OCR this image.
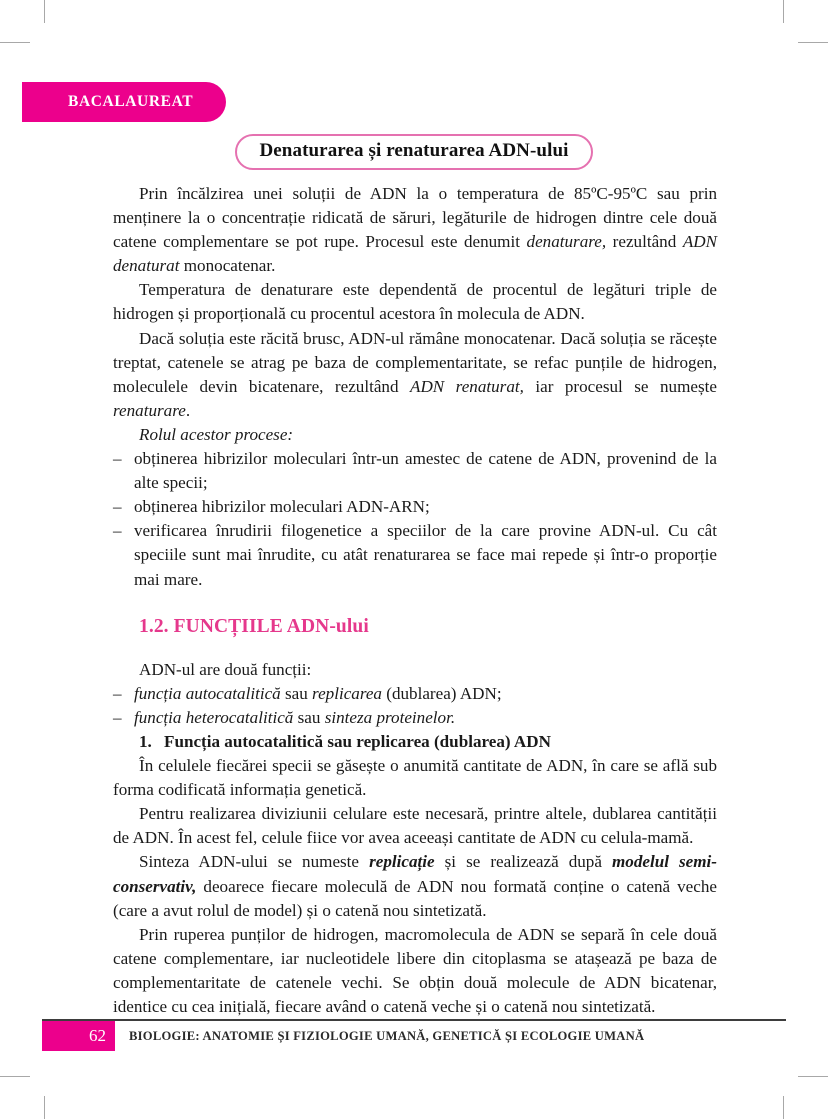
BACALAUREAT
Denaturarea și renaturarea ADN-ului

Prin încălzirea unei soluții de ADN la o temperatura de 85ºC-95ºC sau prin menținere la o concentrație ridicată de săruri, legăturile de hidrogen dintre cele două catene complementare se pot rupe. Procesul este denumit denaturare, rezultând ADN denaturat monocatenar.

Temperatura de denaturare este dependentă de procentul de legături triple de hidrogen și proporțională cu procentul acestora în molecula de ADN.

Dacă soluția este răcită brusc, ADN-ul rămâne monocatenar. Dacă soluția se răcește treptat, catenele se atrag pe baza de complementaritate, se refac punțile de hidrogen, moleculele devin bicatenare, rezultând ADN renaturat, iar procesul se numește renaturare.

Rolul acestor procese:

– obținerea hibrizilor moleculari într-un amestec de catene de ADN, provenind de la alte specii;
– obținerea hibrizilor moleculari ADN-ARN;
– verificarea înrudirii filogenetice a speciilor de la care provine ADN-ul. Cu cât speciile sunt mai înrudite, cu atât renaturarea se face mai repede și într-o proporție mai mare.

1.2. FUNCȚIILE ADN-ului

ADN-ul are două funcții:

– funcția autocatalitică sau replicarea (dublarea) ADN;
– funcția heterocatalitică sau sinteza proteinelor.

1. Funcția autocatalitică sau replicarea (dublarea) ADN

În celulele fiecărei specii se găsește o anumită cantitate de ADN, în care se află sub forma codificată informația genetică.

Pentru realizarea diviziunii celulare este necesară, printre altele, dublarea cantității de ADN. În acest fel, celule fiice vor avea aceeași cantitate de ADN cu celula-mamă.

Sinteza ADN-ului se numeste replicație și se realizează după modelul semi-conservativ, deoarece fiecare moleculă de ADN nou formată conține o catenă veche (care a avut rolul de model) și o catenă nou sintetizată.

Prin ruperea punților de hidrogen, macromolecula de ADN se separă în cele două catene complementare, iar nucleotidele libere din citoplasma se atașează pe baza de complementaritate de catenele vechi. Se obțin două molecule de ADN bicatenar, identice cu cea inițială, fiecare având o catenă veche și o catenă nou sintetizată.

62	BIOLOGIE: ANATOMIE ȘI FIZIOLOGIE UMANĂ, GENETICĂ ȘI ECOLOGIE UMANĂ
